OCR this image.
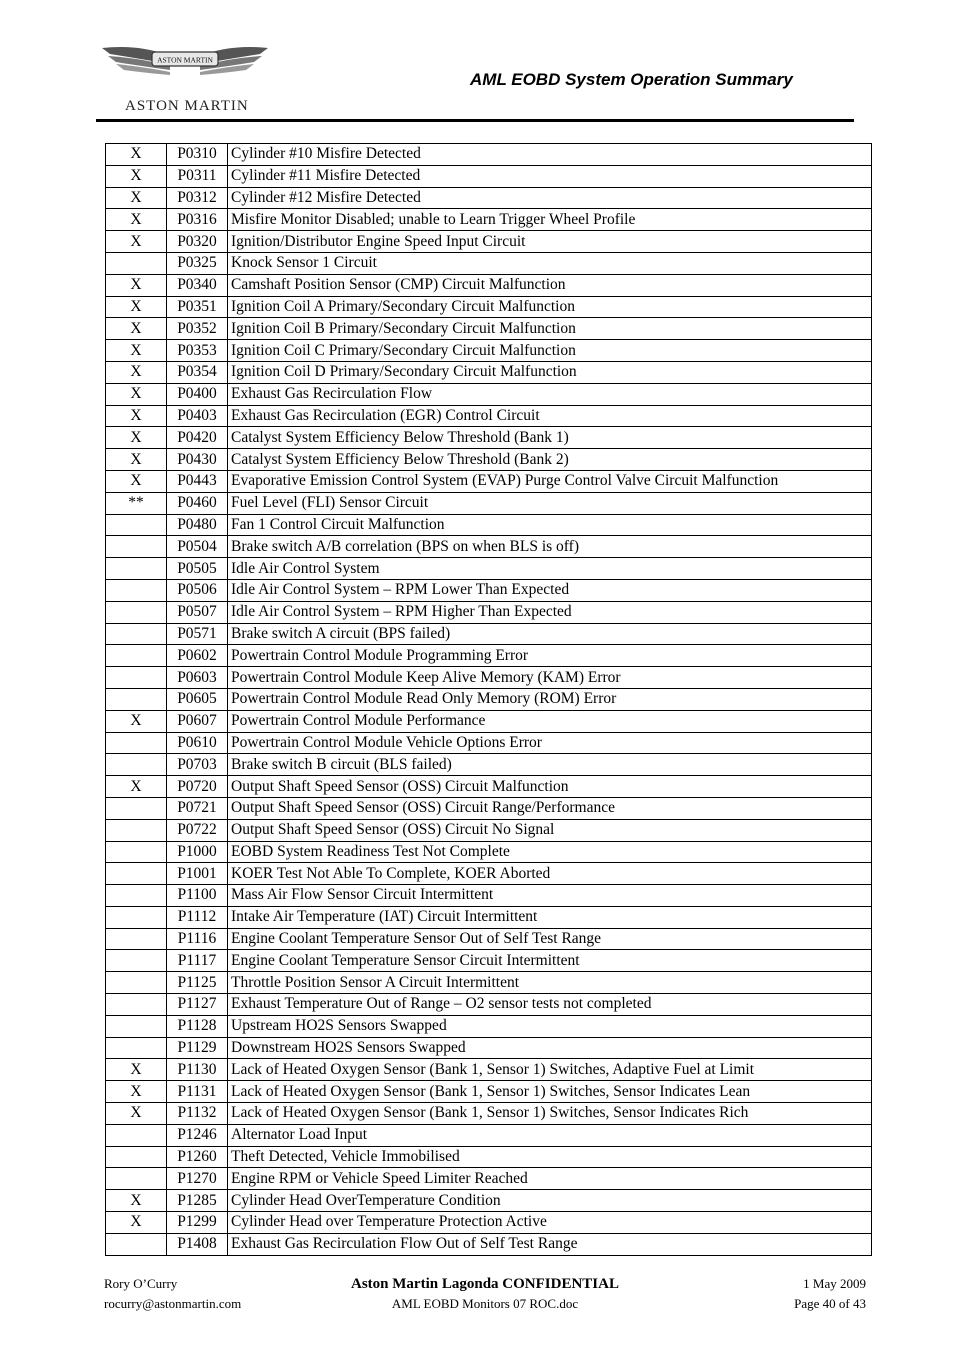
ASTON MARTIN
ASTON MARTIN
AML EOBD System Operation Summary
X	P0310	Cylinder #10 Misfire Detected
X	P0311	Cylinder #11 Misfire Detected
X	P0312	Cylinder #12 Misfire Detected
X	P0316	Misfire Monitor Disabled; unable to Learn Trigger Wheel Profile
X	P0320	Ignition/Distributor Engine Speed Input Circuit
	P0325	Knock Sensor 1 Circuit
X	P0340	Camshaft Position Sensor (CMP) Circuit Malfunction
X	P0351	Ignition Coil A Primary/Secondary Circuit Malfunction
X	P0352	Ignition Coil B Primary/Secondary Circuit Malfunction
X	P0353	Ignition Coil C Primary/Secondary Circuit Malfunction
X	P0354	Ignition Coil D Primary/Secondary Circuit Malfunction
X	P0400	Exhaust Gas Recirculation Flow
X	P0403	Exhaust Gas Recirculation (EGR) Control Circuit
X	P0420	Catalyst System Efficiency Below Threshold (Bank 1)
X	P0430	Catalyst System Efficiency Below Threshold (Bank 2)
X	P0443	Evaporative Emission Control System (EVAP) Purge Control Valve Circuit Malfunction
**	P0460	Fuel Level (FLI) Sensor Circuit
	P0480	Fan 1 Control Circuit Malfunction
	P0504	Brake switch A/B correlation (BPS on when BLS is off)
	P0505	Idle Air Control System
	P0506	Idle Air Control System – RPM Lower Than Expected
	P0507	Idle Air Control System – RPM Higher Than Expected
	P0571	Brake switch A circuit (BPS failed)
	P0602	Powertrain Control Module Programming Error
	P0603	Powertrain Control Module Keep Alive Memory (KAM) Error
	P0605	Powertrain Control Module Read Only Memory (ROM) Error
X	P0607	Powertrain Control Module Performance
	P0610	Powertrain Control Module Vehicle Options Error
	P0703	Brake switch B circuit (BLS failed)
X	P0720	Output Shaft Speed Sensor (OSS) Circuit Malfunction
	P0721	Output Shaft Speed Sensor (OSS) Circuit Range/Performance
	P0722	Output Shaft Speed Sensor (OSS) Circuit No Signal
	P1000	EOBD System Readiness Test Not Complete
	P1001	KOER Test Not Able To Complete, KOER Aborted
	P1100	Mass Air Flow Sensor Circuit Intermittent
	P1112	Intake Air Temperature (IAT) Circuit Intermittent
	P1116	Engine Coolant Temperature Sensor Out of Self Test Range
	P1117	Engine Coolant Temperature Sensor Circuit Intermittent
	P1125	Throttle Position Sensor A Circuit Intermittent
	P1127	Exhaust Temperature Out of Range – O2 sensor tests not completed
	P1128	Upstream HO2S Sensors Swapped
	P1129	Downstream HO2S Sensors Swapped
X	P1130	Lack of Heated Oxygen Sensor (Bank 1, Sensor 1) Switches, Adaptive Fuel at Limit
X	P1131	Lack of Heated Oxygen Sensor (Bank 1, Sensor 1) Switches, Sensor Indicates Lean
X	P1132	Lack of Heated Oxygen Sensor (Bank 1, Sensor 1) Switches, Sensor Indicates Rich
	P1246	Alternator Load Input
	P1260	Theft Detected, Vehicle Immobilised
	P1270	Engine RPM or Vehicle Speed Limiter Reached
X	P1285	Cylinder Head OverTemperature Condition
X	P1299	Cylinder Head over Temperature Protection Active
	P1408	Exhaust Gas Recirculation Flow Out of Self Test Range
Rory O’Curry	Aston Martin Lagonda CONFIDENTIAL	1 May 2009
rocurry@astonmartin.com	AML EOBD Monitors 07 ROC.doc	Page 40 of 43
